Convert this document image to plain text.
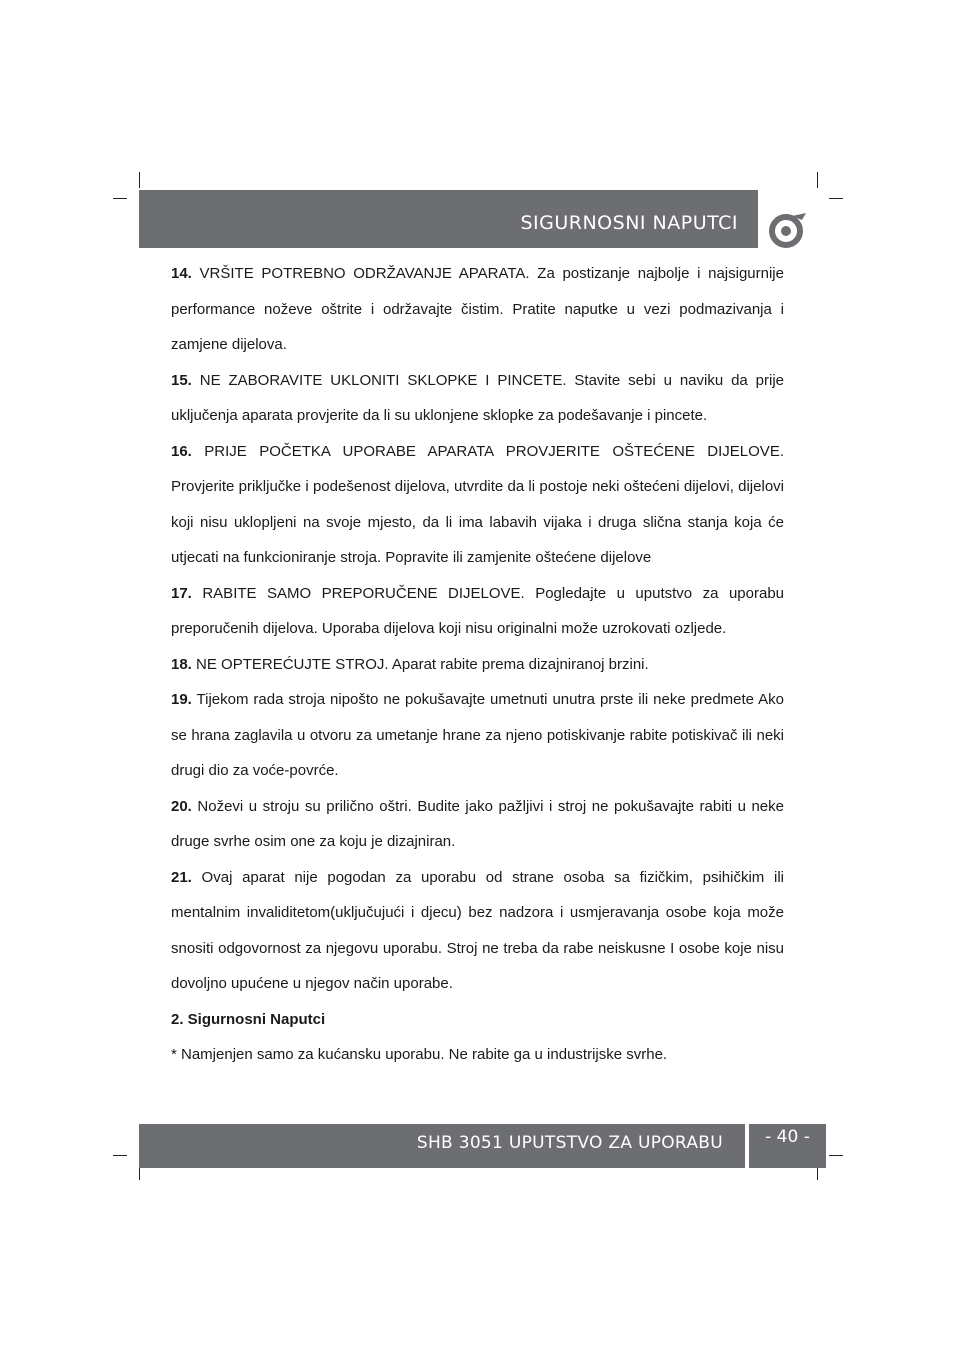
SIGURNOSNI NAPUTCI

14. VRŠITE POTREBNO ODRŽAVANJE APARATA. Za postizanje najbolje i najsigurnije performance noževe oštrite i održavajte čistim. Pratite naputke u vezi podmazivanja i zamjene dijelova.

15. NE ZABORAVITE UKLONITI SKLOPKE I PINCETE. Stavite sebi u naviku da prije uključenja aparata provjerite da li su uklonjene sklopke za podešavanje i pincete.

16. PRIJE POČETKA UPORABE APARATA PROVJERITE OŠTEĆENE DIJELOVE. Provjerite priključke i podešenost dijelova, utvrdite da li postoje neki oštećeni dijelovi, dijelovi koji nisu uklopljeni na svoje mjesto, da li ima labavih vijaka i druga slična stanja koja će utjecati na funkcioniranje stroja. Popravite ili zamjenite oštećene dijelove

17. RABITE SAMO PREPORUČENE DIJELOVE. Pogledajte u uputstvo za uporabu preporučenih dijelova. Uporaba dijelova koji nisu originalni može uzrokovati ozljede.

18. NE OPTEREĆUJTE STROJ. Aparat rabite prema dizajniranoj brzini.

19. Tijekom rada stroja nipošto ne pokušavajte umetnuti unutra prste ili neke predmete Ako se hrana zaglavila u otvoru za umetanje hrane za njeno potiskivanje rabite potiskivač ili neki drugi dio za voće-povrće.

20. Noževi u stroju su prilično oštri. Budite jako pažljivi i stroj ne pokušavajte rabiti u neke druge svrhe osim one za koju je dizajniran.

21. Ovaj aparat nije pogodan za uporabu od strane osoba sa fizičkim, psihičkim ili mentalnim invaliditetom(uključujući i djecu) bez nadzora i usmjeravanja osobe koja može snositi odgovornost za njegovu uporabu. Stroj ne treba da rabe neiskusne I osobe koje nisu dovoljno upućene u njegov način uporabe.

2. Sigurnosni Naputci

* Namjenjen samo za kućansku uporabu. Ne rabite ga u industrijske svrhe.

SHB 3051 UPUTSTVO ZA UPORABU	- 40 -
